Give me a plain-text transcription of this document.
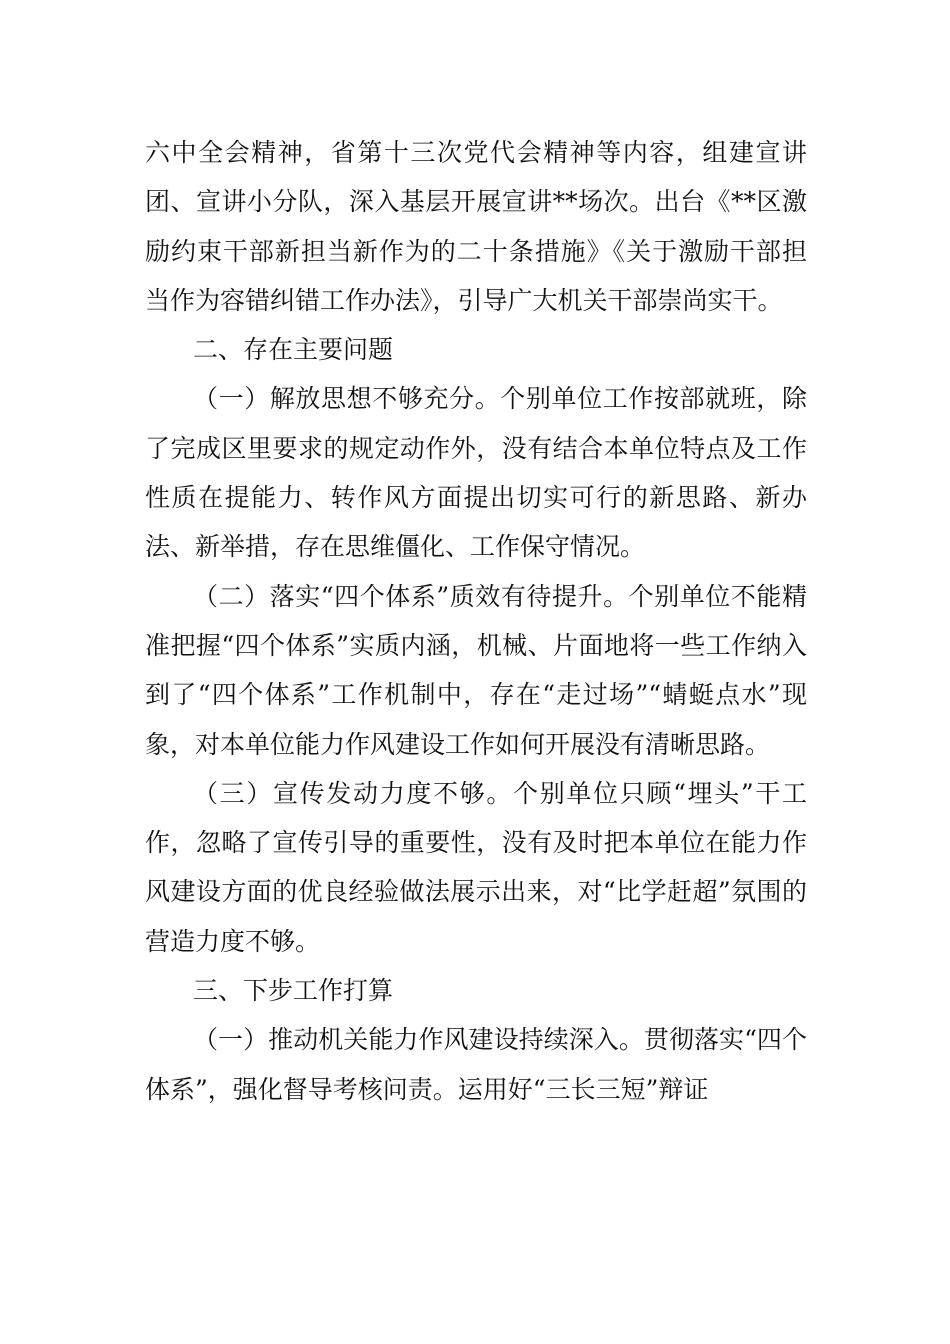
六中全会精神，省第十三次党代会精神等内容，组建宣讲团、宣讲小分队，深入基层开展宣讲**场次。出台《**区激励约束干部新担当新作为的二十条措施》《关于激励干部担当作为容错纠错工作办法》，引导广大机关干部崇尚实干。

二、存在主要问题

（一）解放思想不够充分。个别单位工作按部就班，除了完成区里要求的规定动作外，没有结合本单位特点及工作性质在提能力、转作风方面提出切实可行的新思路、新办法、新举措，存在思维僵化、工作保守情况。

（二）落实“四个体系”质效有待提升。个别单位不能精准把握“四个体系”实质内涵，机械、片面地将一些工作纳入到了“四个体系”工作机制中，存在“走过场”“蜻蜓点水”现象，对本单位能力作风建设工作如何开展没有清晰思路。

（三）宣传发动力度不够。个别单位只顾“埋头”干工作，忽略了宣传引导的重要性，没有及时把本单位在能力作风建设方面的优良经验做法展示出来，对“比学赶超”氛围的营造力度不够。

三、下步工作打算

（一）推动机关能力作风建设持续深入。贯彻落实“四个体系”，强化督导考核问责。运用好“三长三短”辩证
